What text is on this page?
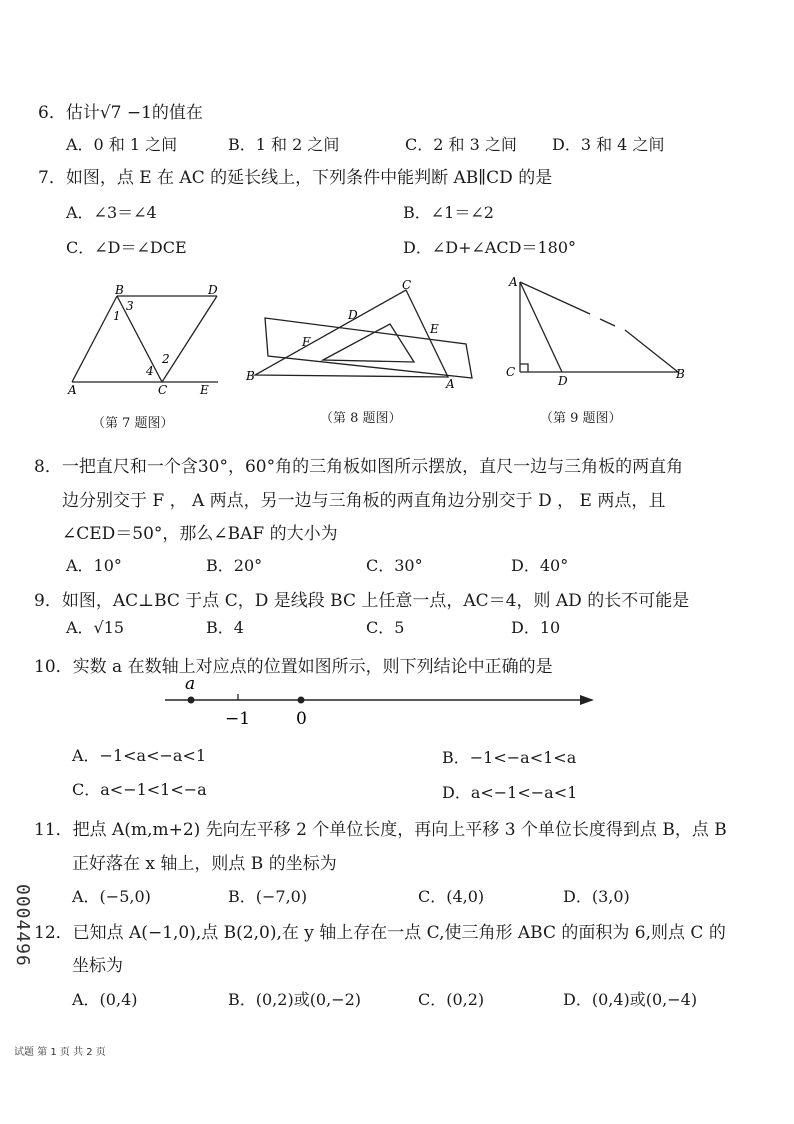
6．估计√7 −1的值在
A．0 和 1 之间	B．1 和 2 之间	C．2 和 3 之间 D．3 和 4 之间
7．如图，点 E 在 AC 的延长线上，下列条件中能判断 AB∥CD 的是
A．∠3＝∠4	B．∠1＝∠2
C．∠D＝∠DCE	D．∠D+∠ACD＝180°
B	D
3
1
2
4
A	C	E
（第 7 题图）
C
D
E
F
B
A
（第 8 题图）
A
C
D	B
（第 9 题图）
8．一把直尺和一个含30°，60°角的三角板如图所示摆放，直尺一边与三角板的两直角
边分别交于 F ， A 两点，另一边与三角板的两直角边分别交于 D ， E 两点，且
∠CED＝50°，那么∠BAF 的大小为
A．10°	B．20°	C．30°	D．40°
9．如图，AC⊥BC 于点 C，D 是线段 BC 上任意一点，AC＝4，则 AD 的长不可能是
A．√15	B．4	C．5	D．10
10．实数 a 在数轴上对应点的位置如图所示，则下列结论中正确的是
a
−1	0
A．−1<a<−a<1	B．−1<−a<1<a
C．a<−1<1<−a	D．a<−1<−a<1
11．把点 A(m,m+2) 先向左平移 2 个单位长度，再向上平移 3 个单位长度得到点 B，点 B
正好落在 x 轴上，则点 B 的坐标为
A．(−5,0)	B．(−7,0)	C．(4,0)	D．(3,0)
12．已知点 A(−1,0),点 B(2,0),在 y 轴上存在一点 C,使三角形 ABC 的面积为 6,则点 C 的
坐标为
A．(0,4)	B．(0,2)或(0,−2)	C．(0,2)	D．(0,4)或(0,−4)
0004496
试题 第 1 页 共 2 页
